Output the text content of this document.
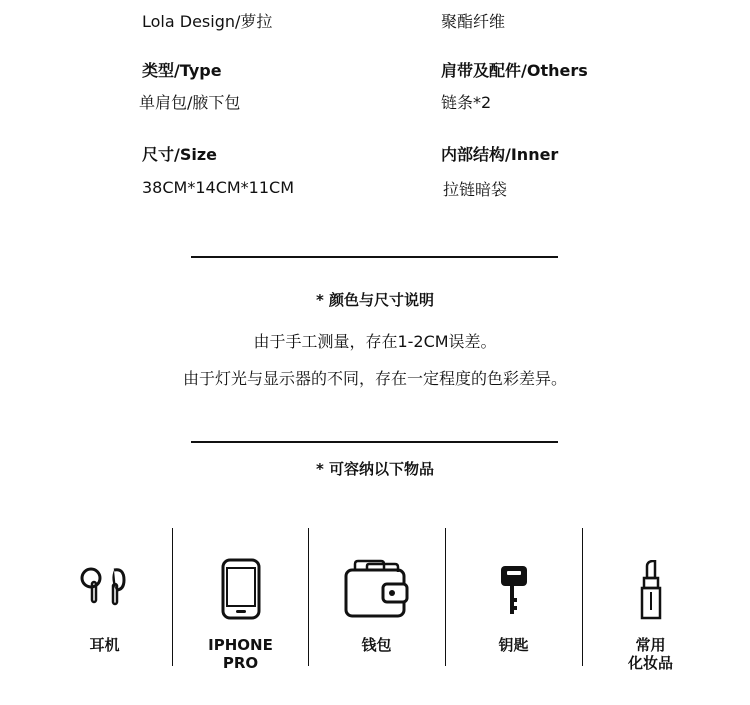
Lola Design/萝拉	聚酯纤维
类型/Type	肩带及配件/Others
单肩包/腋下包	链条*2
尺寸/Size	内部结构/Inner
38CM*14CM*11CM	拉链暗袋
* 颜色与尺寸说明
由于手工测量，存在1-2CM误差。
由于灯光与显示器的不同，存在一定程度的色彩差异。
* 可容纳以下物品
耳机	IPHONE
PRO
钱包	钥匙	常用
化妆品
